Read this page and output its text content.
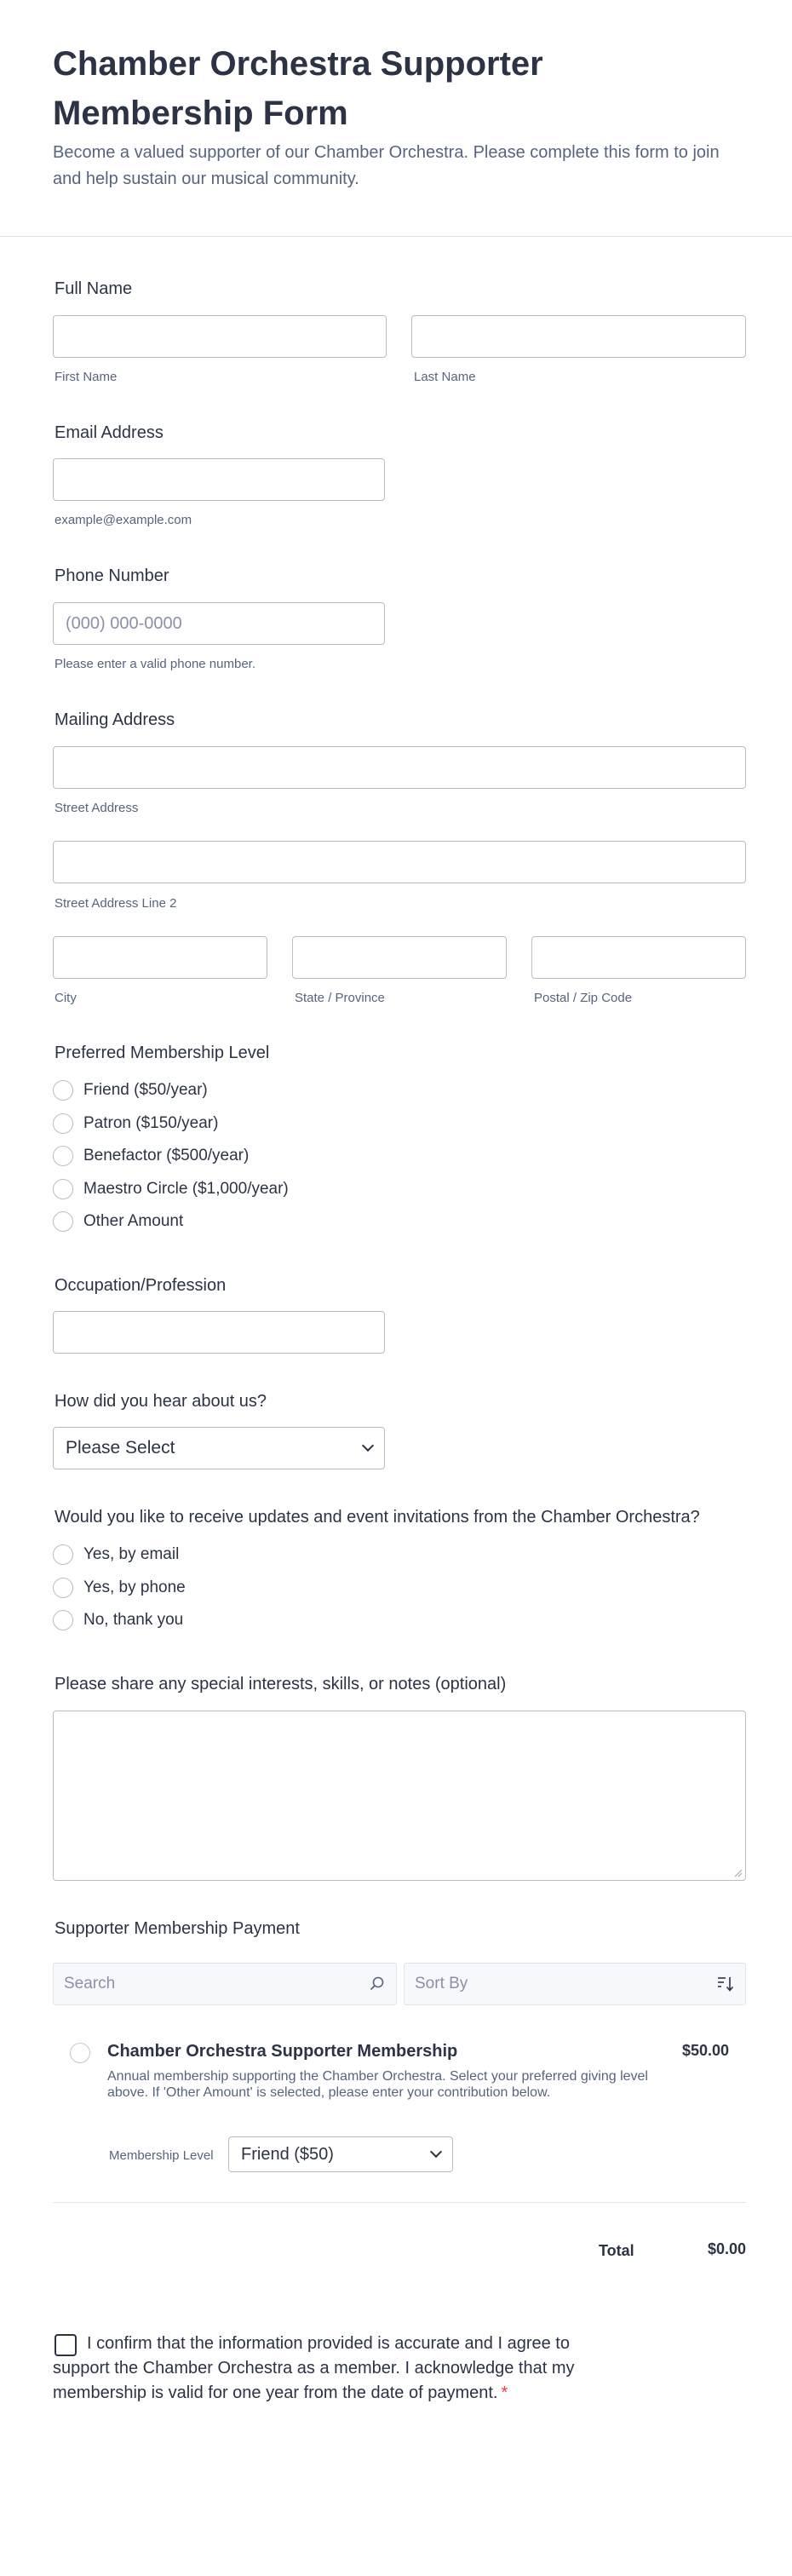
Chamber Orchestra Supporter Membership Form

Become a valued supporter of our Chamber Orchestra. Please complete this form to join and help sustain our musical community.

Full Name
First Name	Last Name
Email Address
example@example.com
Phone Number
(000) 000-0000
Please enter a valid phone number.
Mailing Address
Street Address
Street Address Line 2
City	State / Province	Postal / Zip Code
Preferred Membership Level
Friend ($50/year)
Patron ($150/year)
Benefactor ($500/year)
Maestro Circle ($1,000/year)
Other Amount
Occupation/Profession
How did you hear about us?
Please Select
Would you like to receive updates and event invitations from the Chamber Orchestra?
Yes, by email
Yes, by phone
No, thank you
Please share any special interests, skills, or notes (optional)
Supporter Membership Payment
Search	Sort By
Chamber Orchestra Supporter Membership	$50.00
Annual membership supporting the Chamber Orchestra. Select your preferred giving level above. If 'Other Amount' is selected, please enter your contribution below.
Membership Level Friend ($50)
Total	$0.00
I confirm that the information provided is accurate and I agree to support the Chamber Orchestra as a member. I acknowledge that my membership is valid for one year from the date of payment. *
